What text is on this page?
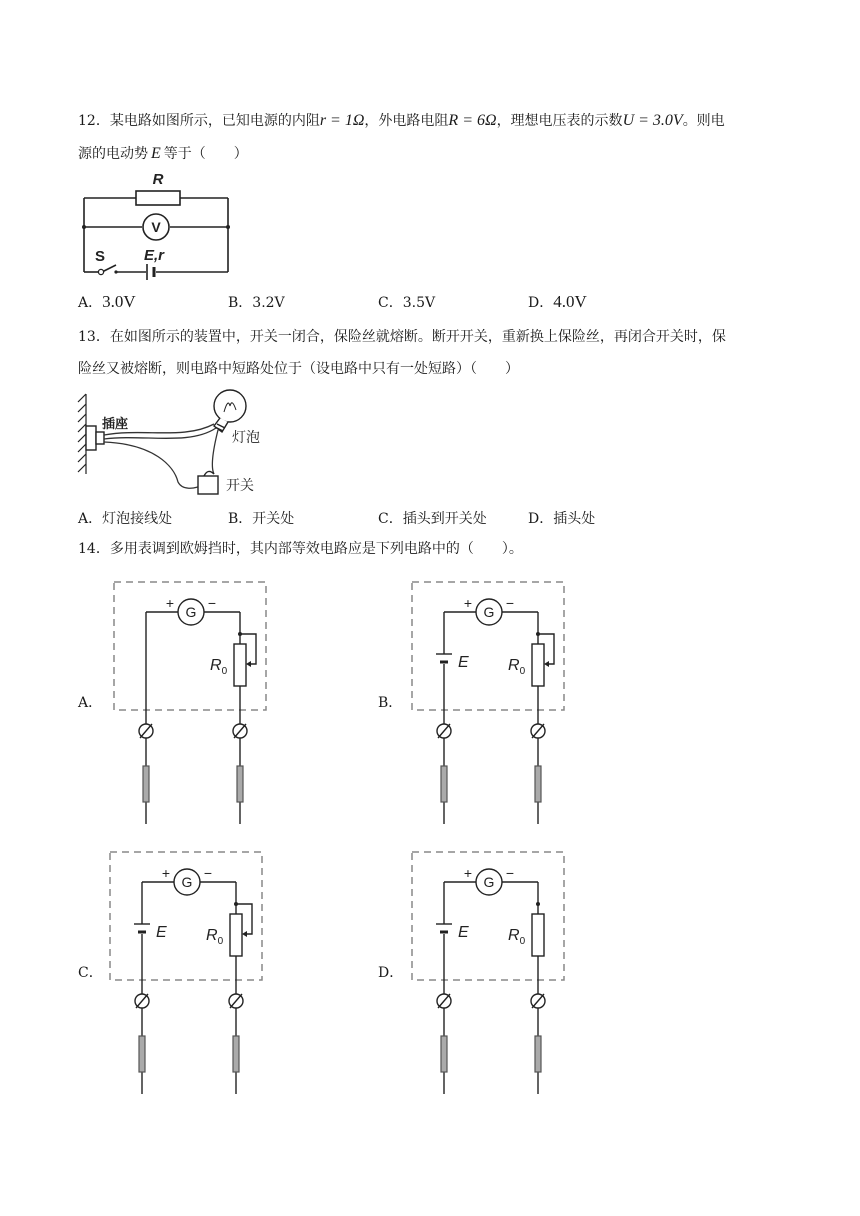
12．某电路如图所示，已知电源的内阻r = 1Ω，外电路电阻R = 6Ω，理想电压表的示数U = 3.0V。则电
源的电动势 E 等于（　　）
R
V
S	E,r
A．3.0V	B．3.2V	C．3.5V	D．4.0V
13．在如图所示的装置中，开关一闭合，保险丝就熔断。断开开关，重新换上保险丝，再闭合开关时，保
险丝又被熔断，则电路中短路处位于（设电路中只有一处短路）（　　）
插座
灯泡
开关
A．灯泡接线处	B．开关处	C．插头到开关处	D．插头处
14．多用表调到欧姆挡时，其内部等效电路应是下列电路中的（　　）。
A．	B．
C．	D．
G
+ −
$R_0$
G
+ −
E $R_0$
G
+ −
E $R_0$
G
+ −
E $R_0$
